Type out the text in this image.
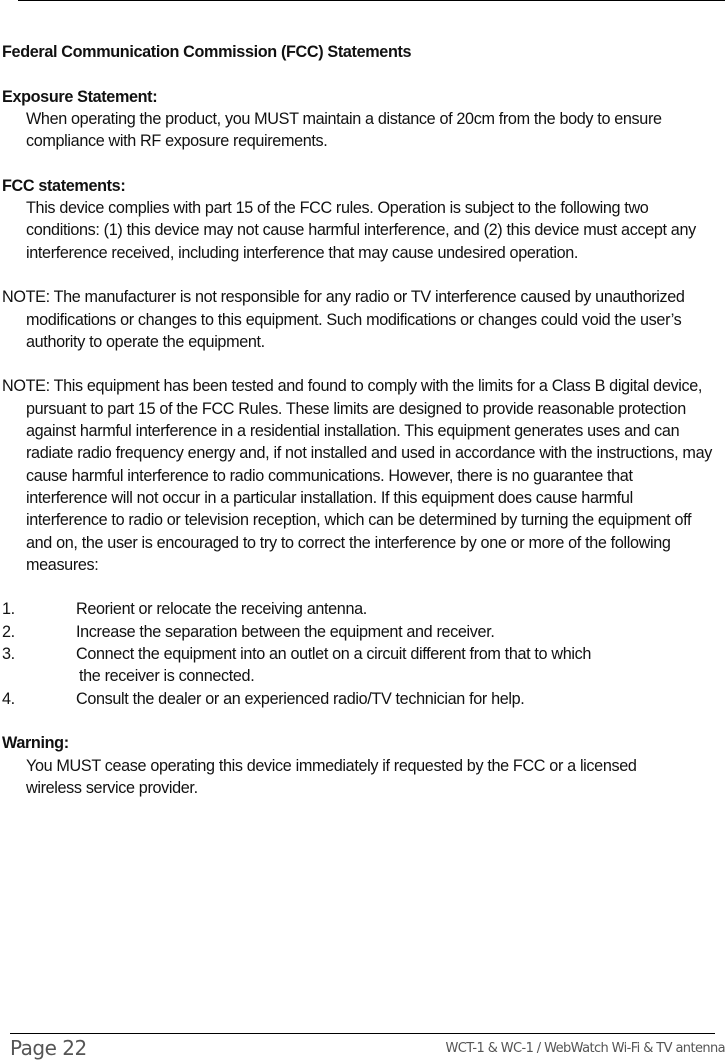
Federal Communication Commission (FCC) Statements

Exposure Statement:

When operating the product, you MUST maintain a distance of 20cm from the body to ensure compliance with RF exposure requirements.

FCC statements:

This device complies with part 15 of the FCC rules. Operation is subject to the following two conditions: (1) this device may not cause harmful interference, and (2) this device must accept any interference received, including interference that may cause undesired operation.

NOTE: The manufacturer is not responsible for any radio or TV interference caused by unauthorized modifications or changes to this equipment. Such modifications or changes could void the user’s authority to operate the equipment.

NOTE: This equipment has been tested and found to comply with the limits for a Class B digital device, pursuant to part 15 of the FCC Rules. These limits are designed to provide reasonable protection against harmful interference in a residential installation. This equipment generates uses and can radiate radio frequency energy and, if not installed and used in accordance with the instructions, may cause harmful interference to radio communications. However, there is no guarantee that interference will not occur in a particular installation. If this equipment does cause harmful interference to radio or television reception, which can be determined by turning the equipment off and on, the user is encouraged to try to correct the interference by one or more of the following measures:

1.	Reorient or relocate the receiving antenna.
2.	Increase the separation between the equipment and receiver.
3.	Connect the equipment into an outlet on a circuit different from that to which
the receiver is connected.
4.	Consult the dealer or an experienced radio/TV technician for help.

Warning:

You MUST cease operating this device immediately if requested by the FCC or a licensed wireless service provider.

Page 22	WCT-1 & WC-1 / WebWatch Wi-Fi & TV antenna
